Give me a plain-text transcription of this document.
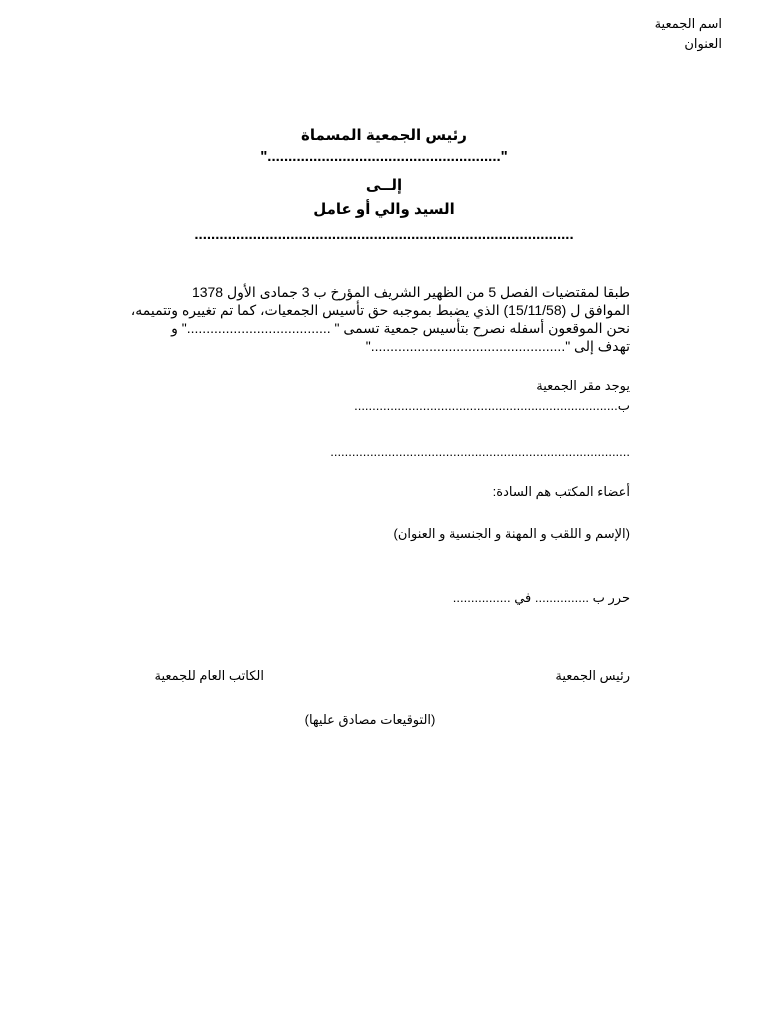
اسم الجمعية
العنوان
رئيس الجمعية المسماة
"........................................................"
إلــى
السيد والي أو عامل
...........................................................................................
طبقا لمقتضيات الفصل 5 من الظهير الشريف المؤرخ ب 3 جمادى الأول 1378
الموافق ل (15/11/58) الذي يضبط بموجبه حق تأسيس الجمعيات، كما تم تغييره وتتميمه،
نحن الموقعون أسفله نصرح بتأسيس جمعية تسمى " ....................................." و
تهدف إلى ".................................................."
يوجد مقر الجمعية
ب.........................................................................
...................................................................................
أعضاء المكتب هم السادة:
(الإسم و اللقب و المهنة و الجنسية و العنوان)
حرر ب ............... في ................
رئيس الجمعية
الكاتب العام للجمعية
(التوقيعات مصادق عليها)
